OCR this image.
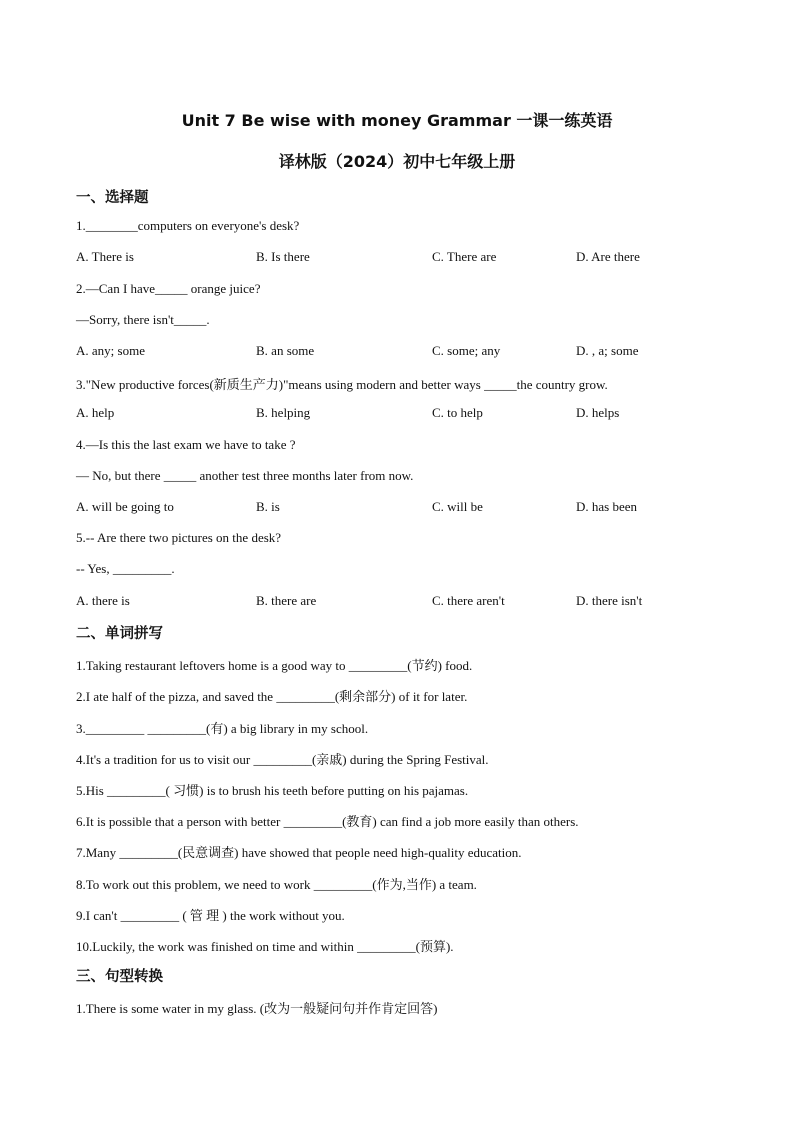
Unit 7 Be wise with money Grammar 一课一练英语
译林版（2024）初中七年级上册
一、选择题
1.________computers on everyone's desk?
A. There is	B. Is there	C. There are	D. Are there
2.—Can I have_____ orange juice?
—Sorry, there isn't_____.
A. any; some	B. an some	C. some; any	D. , a; some
3."New productive forces(新质生产力)"means using modern and better ways _____the country grow.
A. help	B. helping	C. to help	D. helps
4.—Is this the last exam we have to take ?
— No, but there _____ another test three months later from now.
A. will be going to	B. is	C. will be	D. has been
5.-- Are there two pictures on the desk?
-- Yes, _________.
A. there is	B. there are	C. there aren't	D. there isn't
二、单词拼写
1.Taking restaurant leftovers home is a good way to _________(节约) food.
2.I ate half of the pizza, and saved the _________(剩余部分) of it for later.
3._________ _________(有) a big library in my school.
4.It's a tradition for us to visit our _________(亲戚) during the Spring Festival.
5.His _________( 习惯) is to brush his teeth before putting on his pajamas.
6.It is possible that a person with better _________(教育) can find a job more easily than others.
7.Many _________(民意调查) have showed that people need high-quality education.
8.To work out this problem, we need to work _________(作为,当作) a team.
9.I can't _________ ( 管 理 ) the work without you.
10.Luckily, the work was finished on time and within _________(预算).
三、句型转换
1.There is some water in my glass. (改为一般疑问句并作肯定回答)
